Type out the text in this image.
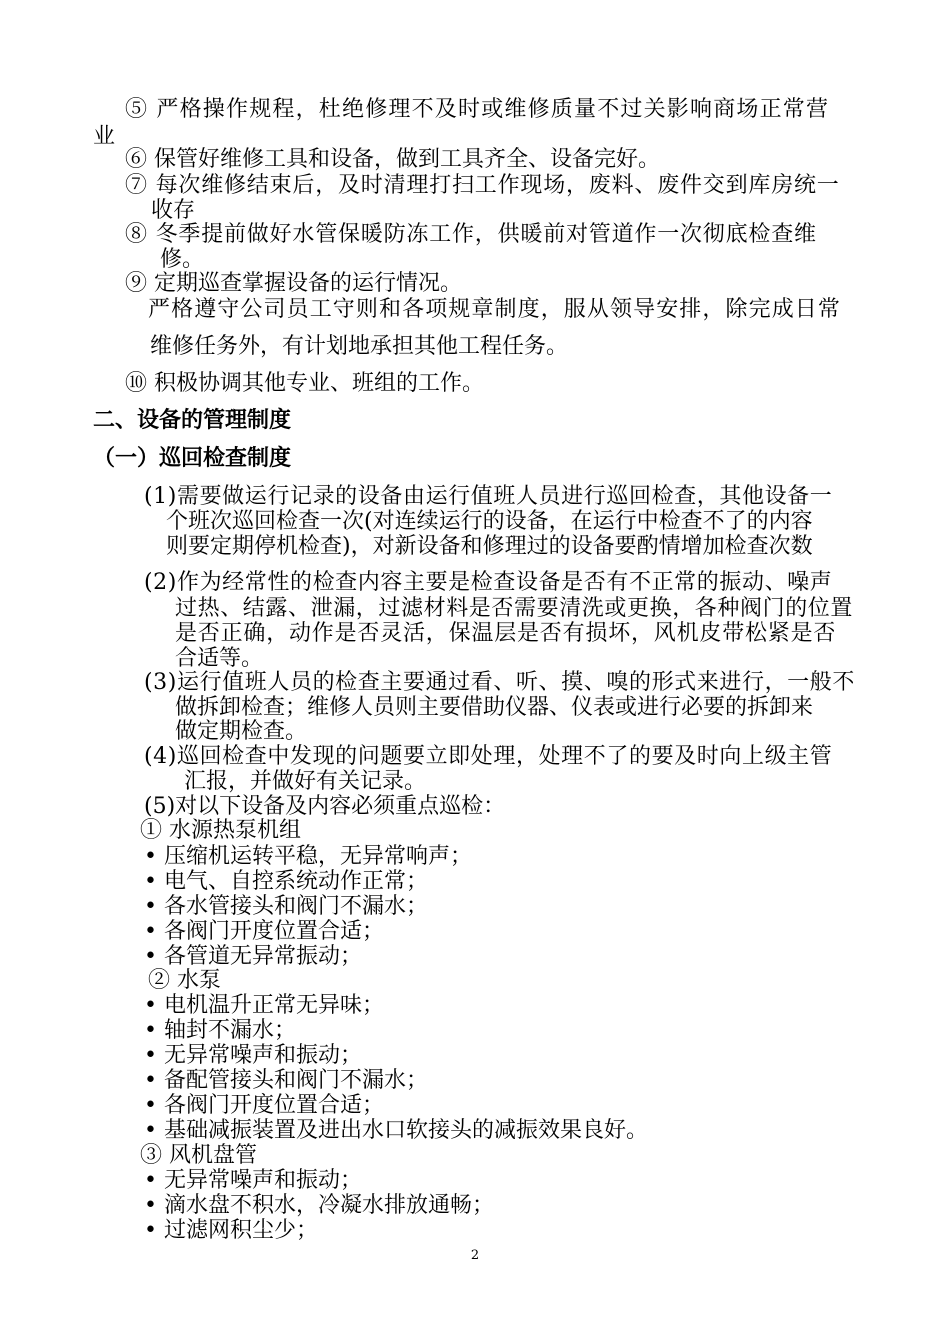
⑤ 严格操作规程，杜绝修理不及时或维修质量不过关影响商场正常营
业
⑥ 保管好维修工具和设备，做到工具齐全、设备完好。
⑦ 每次维修结束后，及时清理打扫工作现场，废料、废件交到库房统一
收存
⑧ 冬季提前做好水管保暖防冻工作，供暖前对管道作一次彻底检查维
修。
⑨ 定期巡查掌握设备的运行情况。
严格遵守公司员工守则和各项规章制度，服从领导安排，除完成日常
维修任务外，有计划地承担其他工程任务。
⑩ 积极协调其他专业、班组的工作。
二、设备的管理制度
（一）巡回检查制度
(1)需要做运行记录的设备由运行值班人员进行巡回检查，其他设备一
个班次巡回检查一次(对连续运行的设备，在运行中检查不了的内容
则要定期停机检查)，对新设备和修理过的设备要酌情增加检查次数
(2)作为经常性的检查内容主要是检查设备是否有不正常的振动、噪声
过热、结露、泄漏，过滤材料是否需要清洗或更换，各种阀门的位置
是否正确，动作是否灵活，保温层是否有损坏，风机皮带松紧是否
合适等。
(3)运行值班人员的检查主要通过看、听、摸、嗅的形式来进行，一般不
做拆卸检查；维修人员则主要借助仪器、仪表或进行必要的拆卸来
做定期检查。
(4)巡回检查中发现的问题要立即处理，处理不了的要及时向上级主管
汇报，并做好有关记录。
(5)对以下设备及内容必须重点巡检：
① 水源热泵机组
• 压缩机运转平稳，无异常响声；
• 电气、自控系统动作正常；
• 各水管接头和阀门不漏水；
• 各阀门开度位置合适；
• 各管道无异常振动；
② 水泵
• 电机温升正常无异味；
• 轴封不漏水；
• 无异常噪声和振动；
• 备配管接头和阀门不漏水；
• 各阀门开度位置合适；
• 基础减振装置及进出水口软接头的减振效果良好。
③ 风机盘管
• 无异常噪声和振动；
• 滴水盘不积水，冷凝水排放通畅；
• 过滤网积尘少；
2
